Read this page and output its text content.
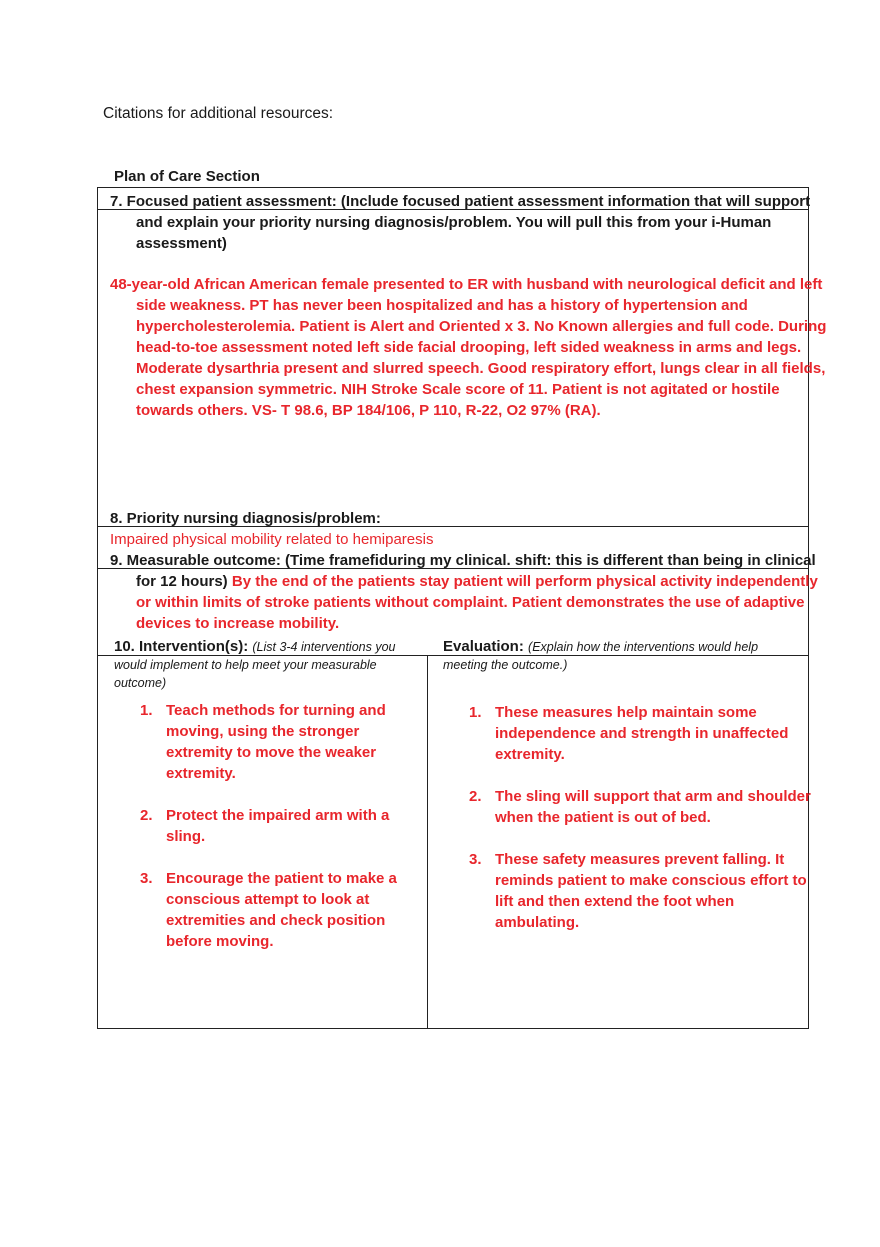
Citations for additional resources:
Plan of Care Section
7. Focused patient assessment: (Include focused patient assessment information that will support and explain your priority nursing diagnosis/problem. You will pull this from your i-Human assessment)
48-year-old African American female presented to ER with husband with neurological deficit and left side weakness. PT has never been hospitalized and has a history of hypertension and hypercholesterolemia. Patient is Alert and Oriented x 3. No Known allergies and full code. During head-to-toe assessment noted left side facial drooping, left sided weakness in arms and legs. Moderate dysarthria present and slurred speech. Good respiratory effort, lungs clear in all fields, chest expansion symmetric. NIH Stroke Scale score of 11. Patient is not agitated or hostile towards others. VS- T 98.6, BP 184/106, P 110, R-22, O2 97% (RA).
8. Priority nursing diagnosis/problem:
Impaired physical mobility related to hemiparesis
9. Measurable outcome: (Time framefiduring my clinical. shift: this is different than being in clinical for 12 hours) By the end of the patients stay patient will perform physical activity independently or within limits of stroke patients without complaint. Patient demonstrates the use of adaptive devices to increase mobility.
10. Intervention(s): (List 3-4 interventions you would implement to help meet your measurable outcome)
Evaluation: (Explain how the interventions would help meeting the outcome.)
1. Teach methods for turning and moving, using the stronger extremity to move the weaker extremity.
2. Protect the impaired arm with a sling.
3. Encourage the patient to make a conscious attempt to look at extremities and check position before moving.
1. These measures help maintain some independence and strength in unaffected extremity.
2. The sling will support that arm and shoulder when the patient is out of bed.
3. These safety measures prevent falling. It reminds patient to make conscious effort to lift and then extend the foot when ambulating.
